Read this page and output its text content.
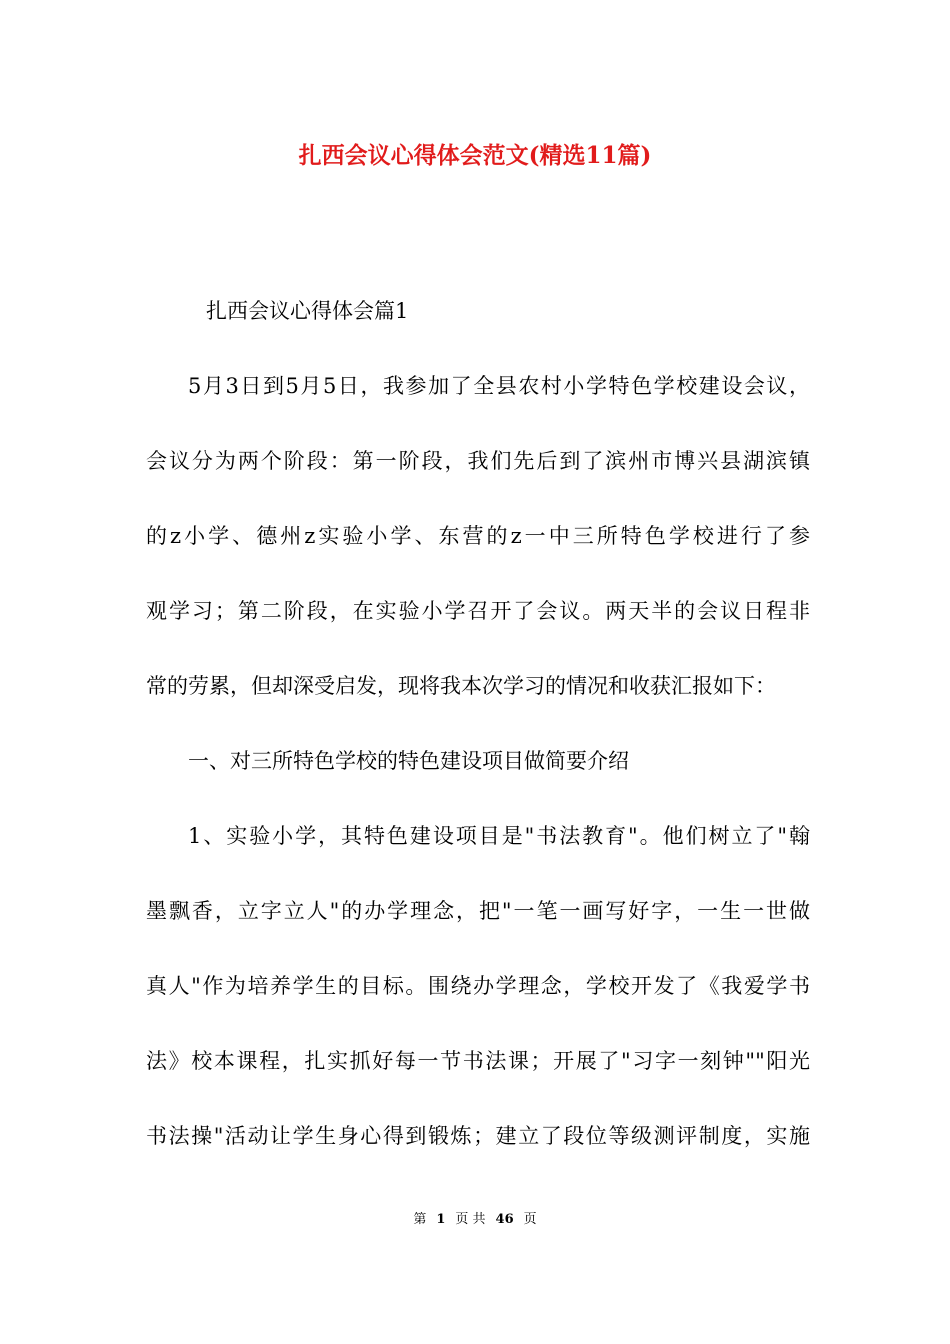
扎西会议心得体会范文(精选11篇)
扎西会议心得体会篇1
5月3日到5月5日，我参加了全县农村小学特色学校建设会议，
会议分为两个阶段：第一阶段，我们先后到了滨州市博兴县湖滨镇
的z小学、德州z实验小学、东营的z一中三所特色学校进行了参
观学习；第二阶段，在实验小学召开了会议。两天半的会议日程非
常的劳累，但却深受启发，现将我本次学习的情况和收获汇报如下：
一、对三所特色学校的特色建设项目做简要介绍
1、实验小学，其特色建设项目是"书法教育"。他们树立了"翰
墨飘香，立字立人"的办学理念，把"一笔一画写好字，一生一世做
真人"作为培养学生的目标。围绕办学理念，学校开发了《我爱学书
法》校本课程，扎实抓好每一节书法课；开展了"习字一刻钟""阳光
书法操"活动让学生身心得到锻炼；建立了段位等级测评制度，实施
第 1 页 共 46 页
